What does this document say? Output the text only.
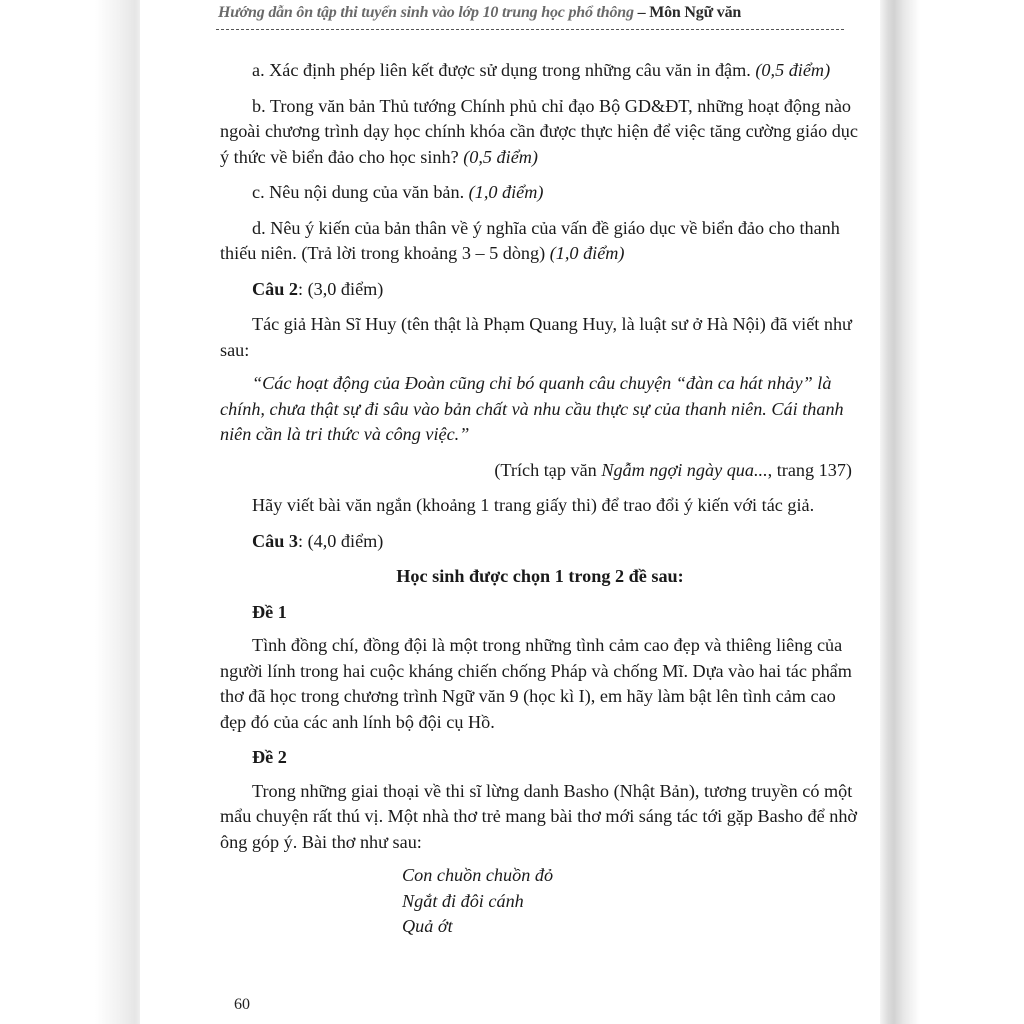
Hướng dẫn ôn tập thi tuyển sinh vào lớp 10 trung học phổ thông – Môn Ngữ văn

a. Xác định phép liên kết được sử dụng trong những câu văn in đậm. (0,5 điểm)

b. Trong văn bản Thủ tướng Chính phủ chỉ đạo Bộ GD&ĐT, những hoạt động nào ngoài chương trình dạy học chính khóa cần được thực hiện để việc tăng cường giáo dục ý thức về biển đảo cho học sinh? (0,5 điểm)

c. Nêu nội dung của văn bản. (1,0 điểm)

d. Nêu ý kiến của bản thân về ý nghĩa của vấn đề giáo dục về biển đảo cho thanh thiếu niên. (Trả lời trong khoảng 3 – 5 dòng) (1,0 điểm)

Câu 2: (3,0 điểm)

Tác giả Hàn Sĩ Huy (tên thật là Phạm Quang Huy, là luật sư ở Hà Nội) đã viết như sau:

“Các hoạt động của Đoàn cũng chỉ bó quanh câu chuyện “đàn ca hát nhảy” là chính, chưa thật sự đi sâu vào bản chất và nhu cầu thực sự của thanh niên. Cái thanh niên cần là tri thức và công việc.”

(Trích tạp văn Ngẫm ngợi ngày qua..., trang 137)

Hãy viết bài văn ngắn (khoảng 1 trang giấy thi) để trao đổi ý kiến với tác giả.

Câu 3: (4,0 điểm)

Học sinh được chọn 1 trong 2 đề sau:

Đề 1

Tình đồng chí, đồng đội là một trong những tình cảm cao đẹp và thiêng liêng của người lính trong hai cuộc kháng chiến chống Pháp và chống Mĩ. Dựa vào hai tác phẩm thơ đã học trong chương trình Ngữ văn 9 (học kì I), em hãy làm bật lên tình cảm cao đẹp đó của các anh lính bộ đội cụ Hồ.

Đề 2

Trong những giai thoại về thi sĩ lừng danh Basho (Nhật Bản), tương truyền có một mẩu chuyện rất thú vị. Một nhà thơ trẻ mang bài thơ mới sáng tác tới gặp Basho để nhờ ông góp ý. Bài thơ như sau:

Con chuồn chuồn đỏ

Ngắt đi đôi cánh

Quả ớt

60
